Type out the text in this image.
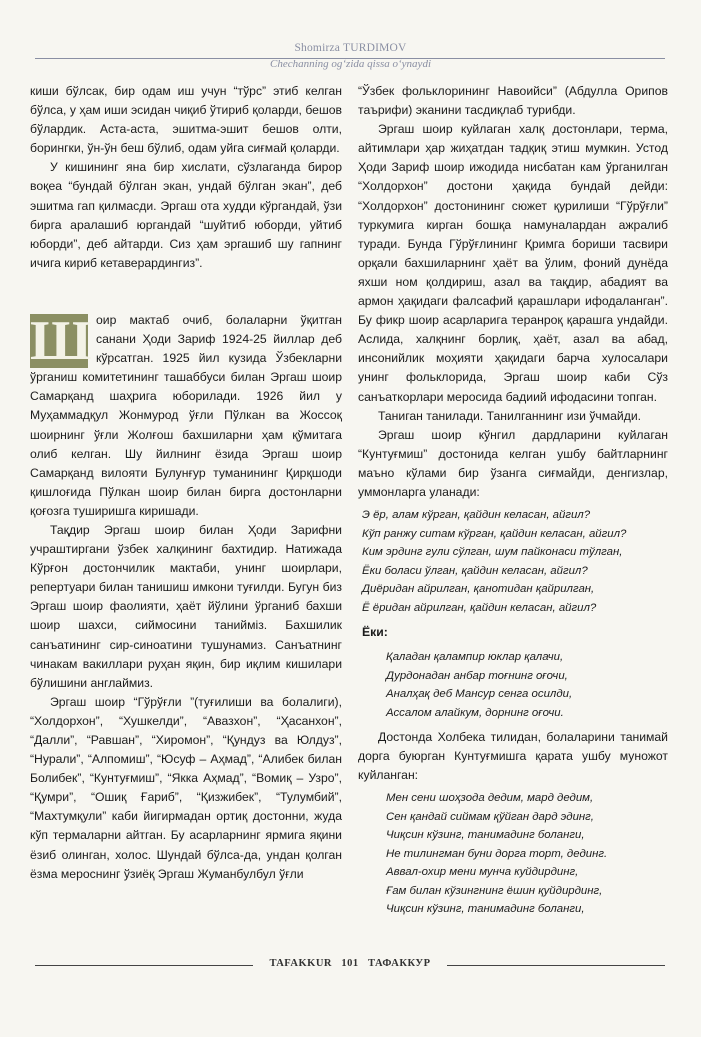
Shomirza TURDIMOV
Chechanning og‘zida qissa o‘ynaydi

киши бўлсак, бир одам иш учун “тўрс” этиб келган бўлса, у ҳам иши эсидан чиқиб ўтириб қоларди, бешов бўлардик. Аста-аста, эшитма-эшит бешов олти, борингки, ўн-ўн беш бўлиб, одам уйга сиғмай қоларди.

У кишининг яна бир хислати, сўзлаганда бирор воқеа “бундай бўлган экан, ундай бўлган экан”, деб эшитма гап қилмасди. Эргаш ота худди кўргандай, ўзи бирга аралашиб юргандай “шуйтиб юборди, уйтиб юборди”, деб айтарди. Сиз ҳам эргашиб шу гапнинг ичига кириб кетаверардингиз”.

Ш оир мактаб очиб, болаларни ўқитган санани Ҳоди Зариф 1924-25 йиллар деб кўрсатган. 1925 йил кузида Ўзбекларни ўрганиш комитетининг ташаббуси билан Эргаш шоир Самарқанд шаҳрига юборилади. 1926 йил у Муҳаммадқул Жонмурод ўғли Пўлкан ва Жоссоқ шоирнинг ўғли Жолғош бахшиларни ҳам қўмитага олиб келган. Шу йилнинг ёзида Эргаш шоир Самарқанд вилояти Булунғур туманининг Қирқшоди қишлоғида Пўлкан шоир билан бирга достонларни қоғозга туширишга киришади.

Тақдир Эргаш шоир билан Ҳоди Зарифни учраштиргани ўзбек халқининг бахтидир. Натижада Кўрғон достончилик мактаби, унинг шоирлари, репертуари билан танишиш имкони туғилди. Бугун биз Эргаш шоир фаолияти, ҳаёт йўлини ўрганиб бахши шоир шахси, сиймосини танийміз. Бахшилик санъатининг сир-синоатини тушунамиз. Санъатнинг чинакам вакиллари руҳан яқин, бир иқлим кишилари бўлишини англаймиз.

Эргаш шоир “Гўрўғли ”(туғилиши ва болалиги), “Холдорхон”, “Хушкелди”, “Авазхон”, “Ҳасанхон”, “Далли”, “Равшан”, “Хиромон”, “Қундуз ва Юлдуз”, “Нурали”, “Алпомиш”, “Юсуф – Аҳмад”, “Алибек билан Болибек”, “Кунтуғмиш”, “Якка Аҳмад”, “Вомиқ – Узро”, “Қумри”, “Ошиқ Ғариб”, “Қизжибек”, “Тулумбий”, “Махтумқули” каби йигирмадан ортиқ достонни, жуда кўп термаларни айтган. Бу асарларнинг ярмига яқини ёзиб олинган, холос. Шундай бўлса-да, ундан қолган ёзма мероснинг ўзиёқ Эргаш Жуманбулбул ўғли

“Ўзбек фольклорининг Навоийси” (Абдулла Орипов таърифи) эканини тасдиқлаб турибди.

Эргаш шоир куйлаган халқ достонлари, терма, айтимлари ҳар жиҳатдан тадқиқ этиш мумкин. Устод Ҳоди Зариф шоир ижодида нисбатан кам ўрганилган “Холдорхон” достони ҳақида бундай дейди: “Холдорхон” достонининг сюжет қурилиши “Гўрўғли” туркумига кирган бошқа намуналардан ажралиб туради. Бунда Гўрўғлининг Қримга бориши тасвири орқали бахшиларнинг ҳаёт ва ўлим, фоний дунёда яхши ном қолдириш, азал ва тақдир, абадият ва армон ҳақидаги фалсафий қарашлари ифодаланган”. Бу фикр шоир асарларига теранроқ қарашга ундайди. Аслида, халқнинг борлиқ, ҳаёт, азал ва абад, инсонийлик моҳияти ҳақидаги барча хулосалари унинг фольклорида, Эргаш шоир каби Сўз санъаткорлари меросида бадиий ифодасини топган.

Таниган танилади. Танилганнинг изи ўчмайди.

Эргаш шоир кўнгил дардларини куйлаган “Кунтуғмиш” достонида келган ушбу байтларнинг маъно кўлами бир ўзанга сиғмайди, денгизлар, уммонларга уланади:

Э ёр, алам кўрган, қайдин келасан, айгил?
Кўп ранжу ситам кўрган, қайдин келасан, айгил?
Ким эрдинг гули сўлган, шум пайконаси тўлган,
Ёки боласи ўлган, қайдин келасан, айгил?
Диёридан айрилган, қанотидан қайрилган,
Ё ёридан айрилган, қайдин келасан, айгил?
Ёки:
Қаладан қалампир юклар қалачи,
Дурдонадан анбар тоғнинг оғочи,
Аналҳақ деб Мансур сенга осилди,
Ассалом алайкум, дорнинг оғочи.

Достонда Холбека тилидан, болаларини танимай дорга буюрган Кунтуғмишга қарата ушбу муножот куйланган:

Мен сени шоҳзода дедим, мард дедим,
Сен қандай сиймам қўйган дард эдинг,
Чиқсин кўзинг, танимадинг боланги,
Не тилингман буни дорга торт, дединг.
Аввал-охир мени мунча куйдирдинг,
Ғам билан кўзингнинг ёшин қуйдирдинг,
Чиқсин кўзинг, танимадинг боланги,
TAFAKKUR 101 ТАФАККУР
